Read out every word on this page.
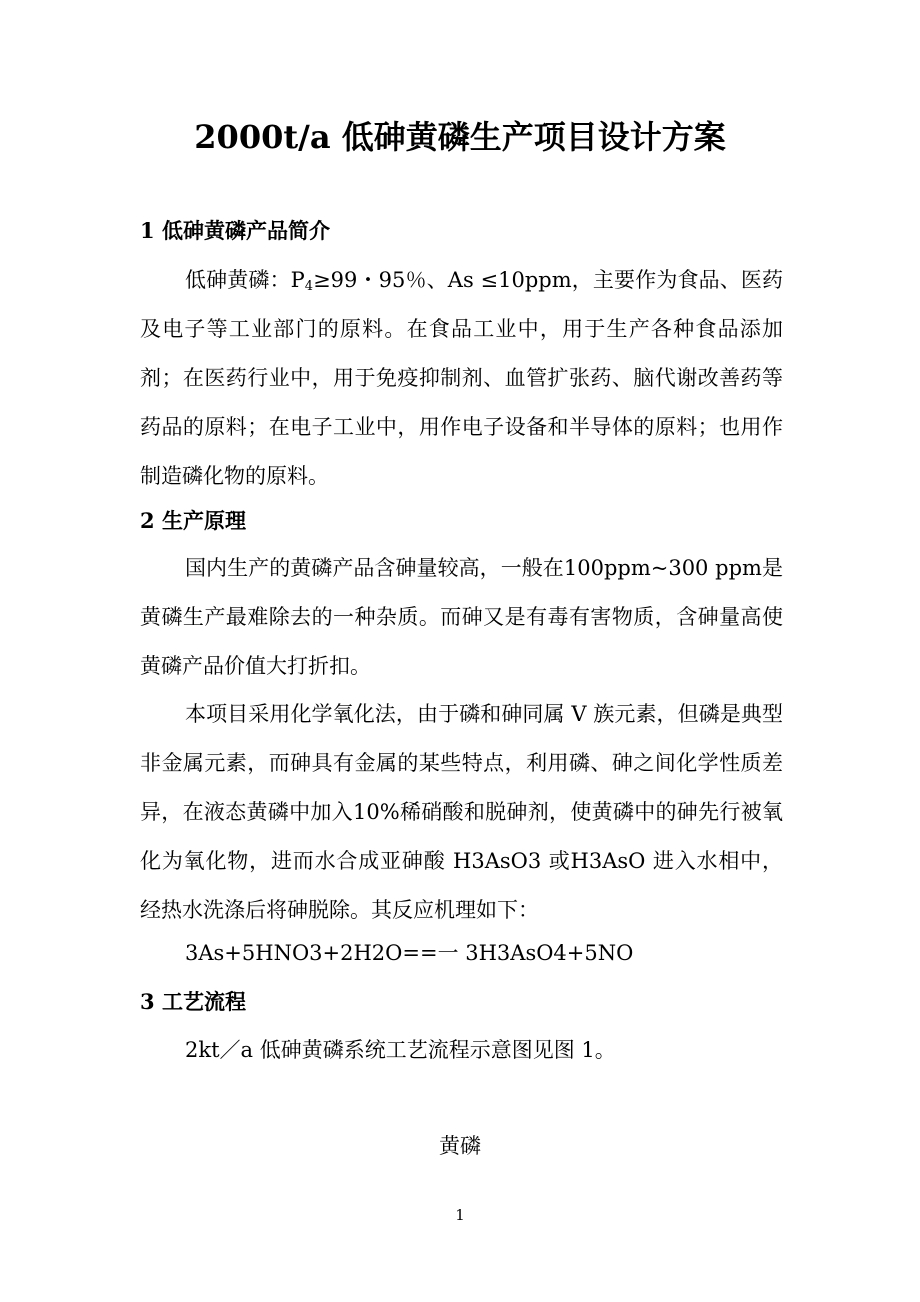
2000t/a 低砷黄磷生产项目设计方案
1 低砷黄磷产品简介
低砷黄磷：$P_4\ge 99$・95％、As ≤10ppm，主要作为食品、医药及电子等工业部门的原料。在食品工业中，用于生产各种食品添加剂；在医药行业中，用于免疫抑制剂、血管扩张药、脑代谢改善药等药品的原料；在电子工业中，用作电子设备和半导体的原料；也用作制造磷化物的原料。
2 生产原理
国内生产的黄磷产品含砷量较高，一般在100ppm~300 ppm是黄磷生产最难除去的一种杂质。而砷又是有毒有害物质，含砷量高使黄磷产品价值大打折扣。
本项目采用化学氧化法，由于磷和砷同属 V 族元素，但磷是典型非金属元素，而砷具有金属的某些特点，利用磷、砷之间化学性质差异，在液态黄磷中加入10%稀硝酸和脱砷剂，使黄磷中的砷先行被氧化为氧化物，进而水合成亚砷酸 H3AsO3 或H3AsO 进入水相中，经热水洗涤后将砷脱除。其反应机理如下：
3As+5HNO3+2H2O==一 3H3AsO4+5NO
3 工艺流程
2kt／a 低砷黄磷系统工艺流程示意图见图 1。
黄磷
1
